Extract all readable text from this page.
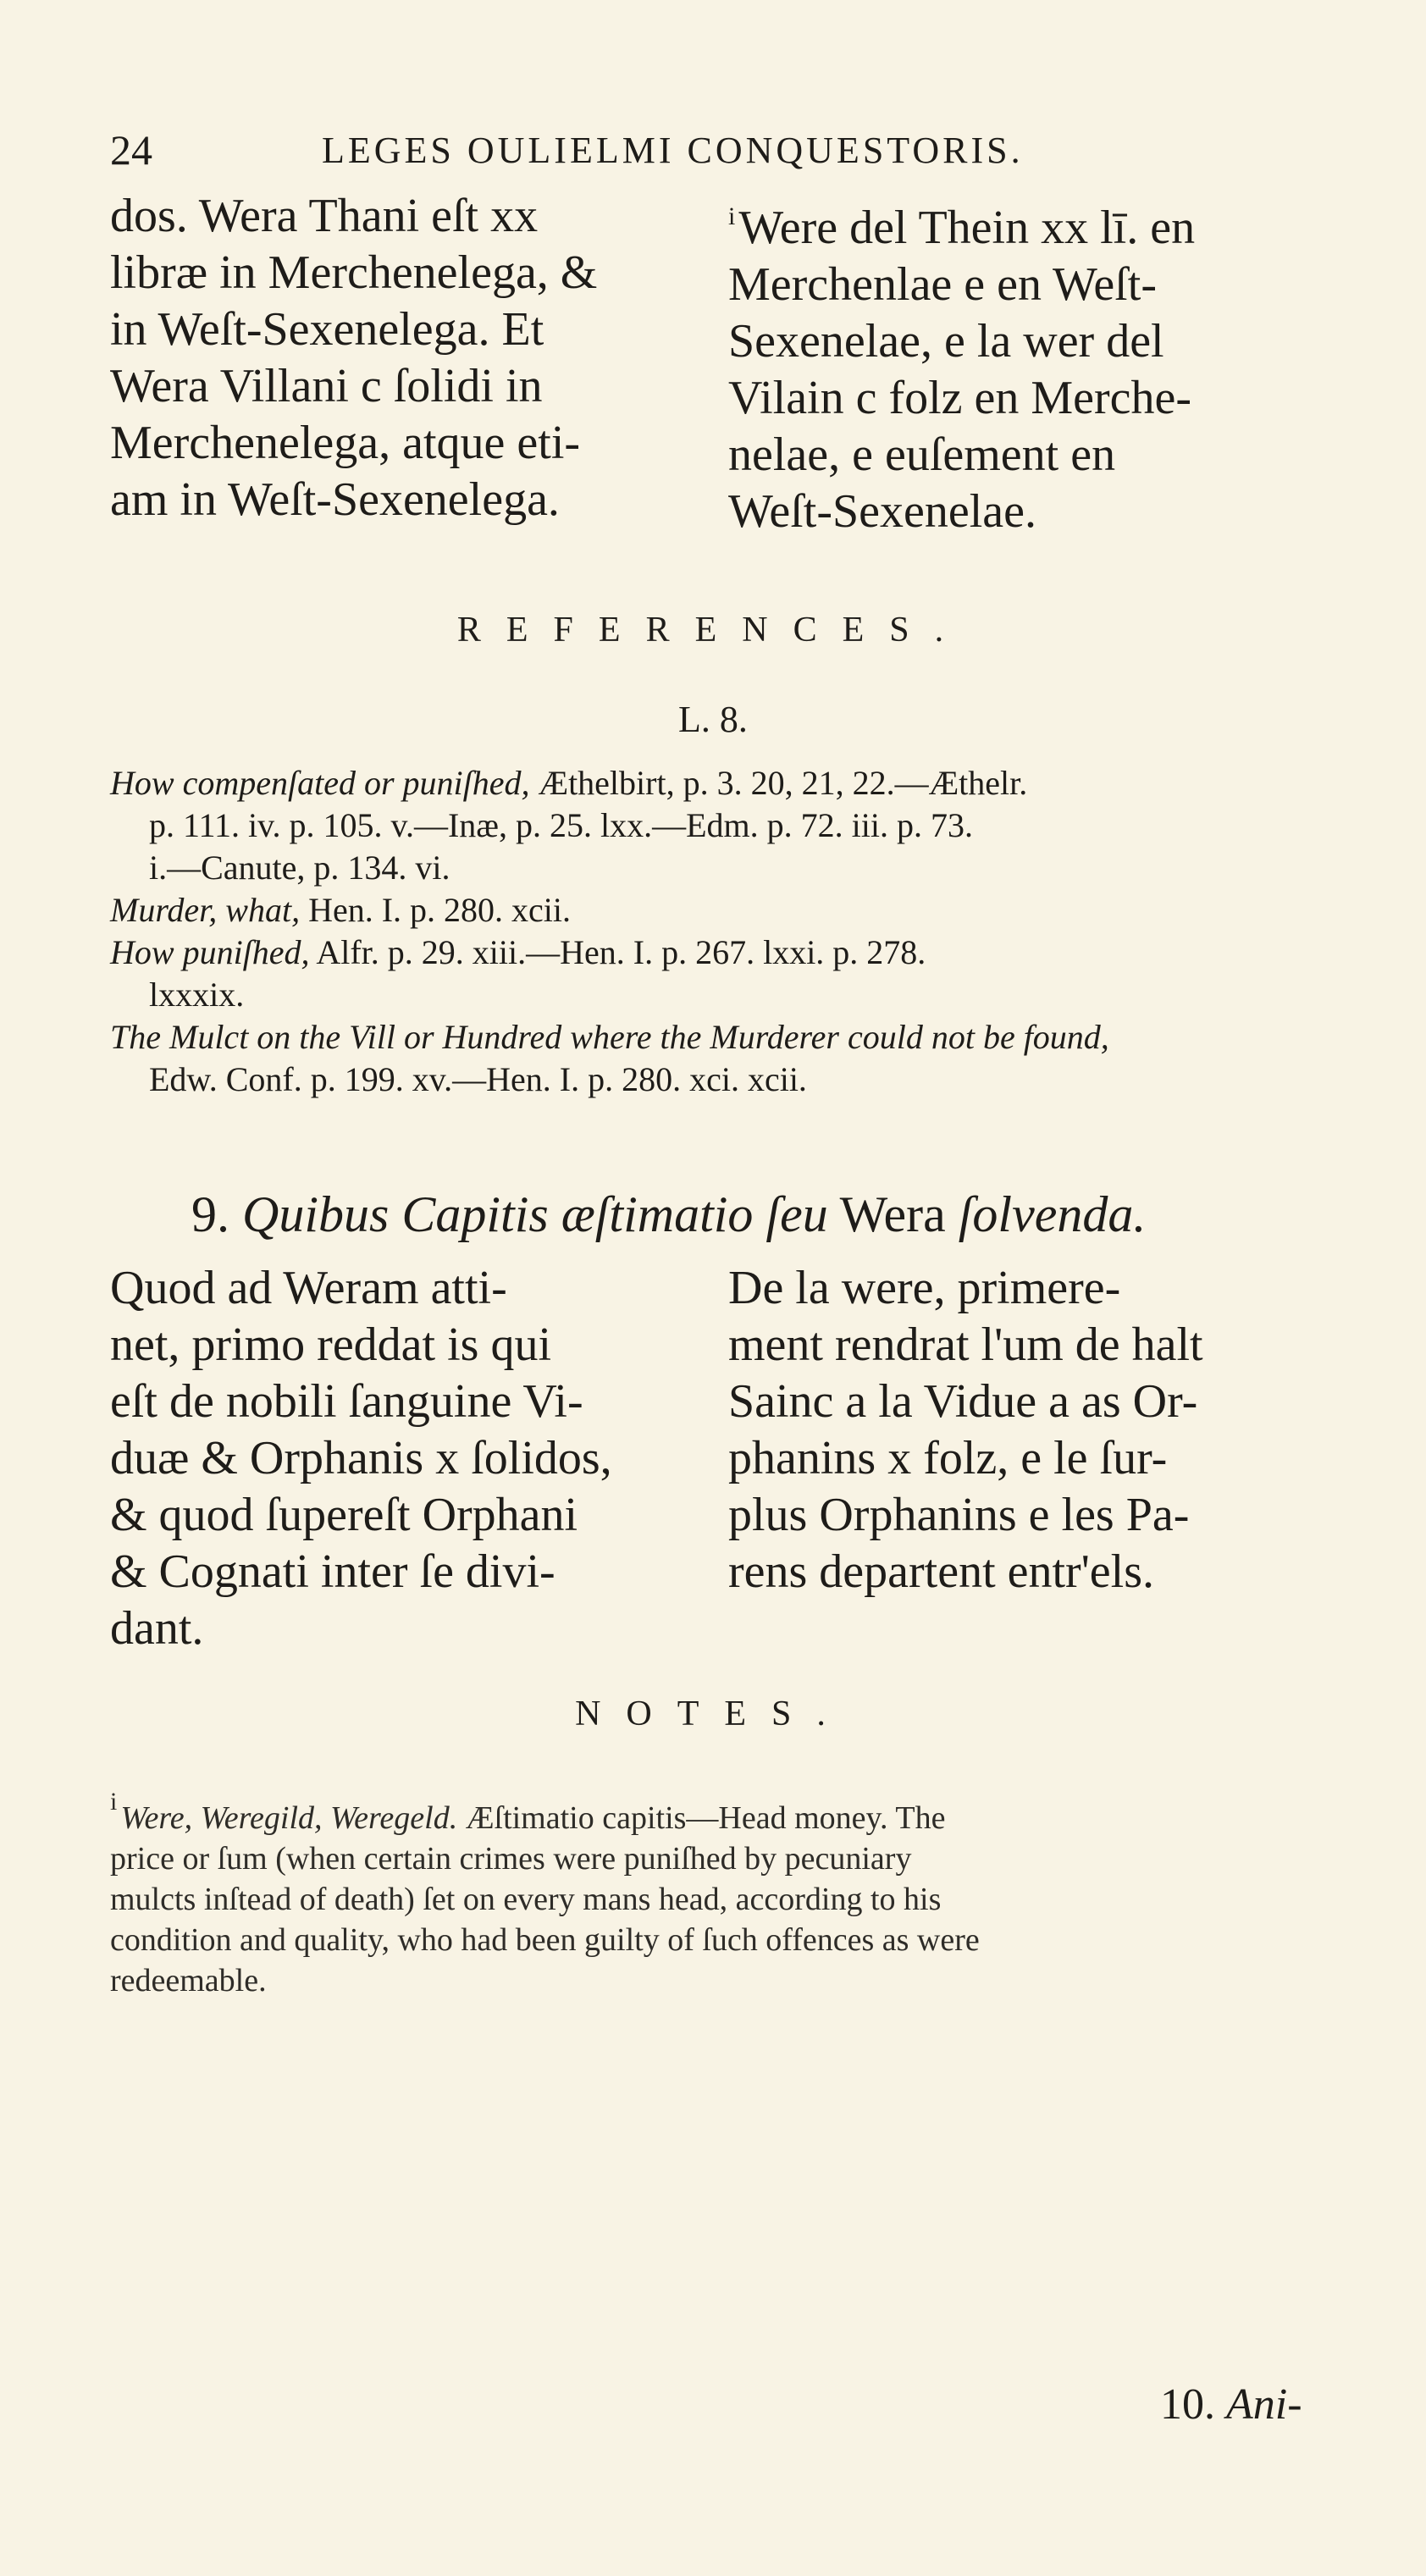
24	LEGES OULIELMI CONQUESTORIS.
dos. Wera Thani eſt xx
libræ in Merchenelega, &
in Weſt-Sexenelega. Et
Wera Villani c ſolidi in
Merchenelega, atque eti-
am in Weſt-Sexenelega.
$^i$Were del Thein xx lī. en
Merchenlae e en Weſt-
Sexenelae, e la wer del
Vilain c folz en Merche-
nelae, e euſement en
Weſt-Sexenelae.
REFERENCES.
L. 8.
How compenſated or puniſhed, Æthelbirt, p. 3. 20, 21, 22.—Æthelr.
p. 111. iv. p. 105. v.—Inæ, p. 25. lxx.—Edm. p. 72. iii. p. 73.
i.—Canute, p. 134. vi.
Murder, what, Hen. I. p. 280. xcii.
How puniſhed, Alfr. p. 29. xiii.—Hen. I. p. 267. lxxi. p. 278.
lxxxix.
The Mulct on the Vill or Hundred where the Murderer could not be found,
Edw. Conf. p. 199. xv.—Hen. I. p. 280. xci. xcii.
9. Quibus Capitis æſtimatio ſeu Wera ſolvenda.
Quod ad Weram atti-
net, primo reddat is qui
eſt de nobili ſanguine Vi-
duæ & Orphanis x ſolidos,
& quod ſupereſt Orphani
& Cognati inter ſe divi-
dant.
De la were, primere-
ment rendrat l'um de halt
Sainc a la Vidue a as Or-
phanins x folz, e le ſur-
plus Orphanins e les Pa-
rens departent entr'els.
NOTES.
$^i$ Were, Weregild, Weregeld. Æſtimatio capitis—Head money. The
price or ſum (when certain crimes were puniſhed by pecuniary
mulcts inſtead of death) ſet on every mans head, according to his
condition and quality, who had been guilty of ſuch offences as were
redeemable.
10. Ani-
